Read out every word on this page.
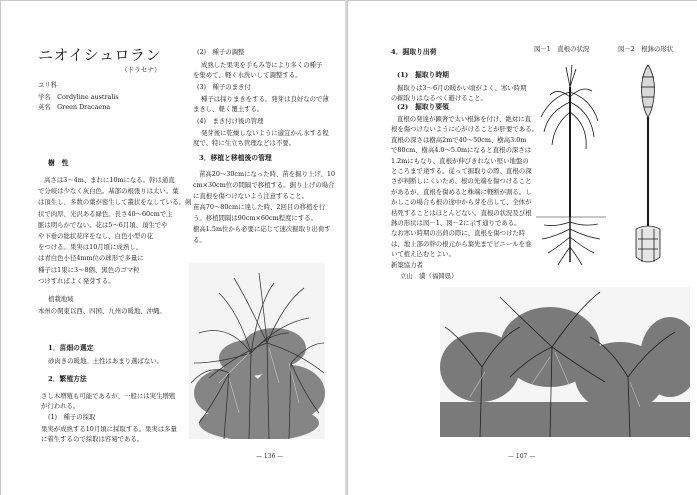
ニオイシュロラン
（ドラセナ）
ユリ科
学名　Cordyline australis
英名　Green Dracaena
樹　性
高さは3～4m、まれに10mになる。幹は通直
で分岐は少なく灰白色。基部の根張りは太い。葉
は頂生し、多数の葉が密生して叢状をなしている。剣
状で肉厚、光沢ある緑色。長さ40～60cmで主
脈は明らかでない。花は5～6月頃、頂生でや
や下垂の総状花序をなし、白色小型の花
をつける。果実は10月頃に成熟し、
は青白色小径4mm位の球形で多量に
種子は1果に3～8個、黒色のゴマ粒
つけすればよく発芽する。
植栽地域
本州の関東以西、四国、九州の暖地、沖縄。
1．苗畑の選定
砂肉きの暖地。土性はあまり選ばない。
2．繁殖方法
さし木増殖も可能であるが、一般には実生増殖
が行われる。
(1)　種子の採取
果実が成熟する10月頃に採取する。果実は多量
に着生するので採取は容易である。
(2)　種子の調整
成熟した果実を手もみ等により多くの種子
を集めて、軽く水洗いして調整する。
(3)　種子のまき付
種子は採りまきをする。発芽は良好なので薄
まきし、軽く覆土する。
(4)　まき付け後の管理
発芽後に乾燥しないように適宜かん水する程
度で、特に生立ち管理などは不要。
3．移植と移植後の管理
苗高20～30cmになった時、苗を掘り上げ、10
cm×30cm位の間隔で移植する。掘り上げの場合
に直根を傷つけないよう注意すること。
苗高70～80cmに達した時、2回目の移植を行
う。移植間隔は90cm×60cm程度にする。
樹高1.5m位から必要に応じて速次掘取り出荷す
る。
— 136 —
4．掘取り出荷
(1)　掘取り時期
掘取りは3～6月の暖かい頃がよく、寒い時期
の掘取りはなるべく避けること。
(2)　掘取り要領
直根の発達が顕著で太い根鉢を付け、絶対に直
根を傷つけないように心がけることが肝要である。
直根の深さは樹高2mで40～50cm、樹高3.0m
で80cm、樹高4.0～5.0mになると直根の深さは
1.2mにもなり、直根が伸びきれない堅い地盤の
ところまで達する。従って掘取りの際、直根の深
さが判断しにくいため、根の先端を傷つけること
があるが、直根を傷めると株端に軽断が割る。し
かしこの場合も根の途中から芽を出して、全体が
枯死することはほとんどない。直根の状況及び根
鉢の形状は図－1、図－2に示す通りである。
なお寒い時期の出荷の際に、直根を傷つけた時
は、地上部の幹の根元から葉先までビニールを巻
いて植え込むとよい。
新築協力者
立山　満（福岡県）
図－1　直根の状況	図－2　根鉢の形状
— 107 —
